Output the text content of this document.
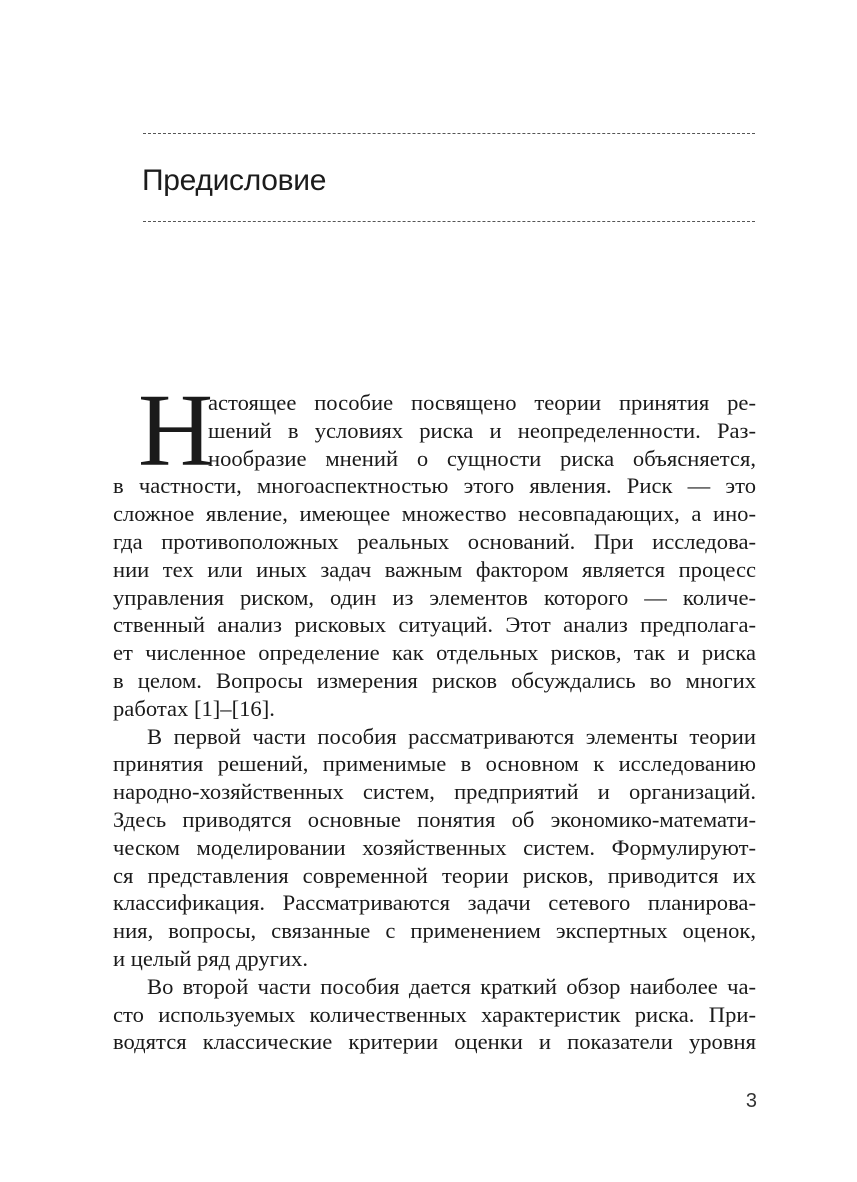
Предисловие

Н
астоящее пособие посвящено теории принятия ре-
шений в условиях риска и неопределенности. Раз-
нообразие мнений о сущности риска объясняется,
в частности, многоаспектностью этого явления. Риск — это
сложное явление, имеющее множество несовпадающих, а ино-
гда противоположных реальных оснований. При исследова-
нии тех или иных задач важным фактором является процесс
управления риском, один из элементов которого — количе-
ственный анализ рисковых ситуаций. Этот анализ предполага-
ет численное определение как отдельных рисков, так и риска
в целом. Вопросы измерения рисков обсуждались во многих
работах [1]–[16].

В первой части пособия рассматриваются элементы теории
принятия решений, применимые в основном к исследованию
народно-хозяйственных систем, предприятий и организаций.
Здесь приводятся основные понятия об экономико-математи-
ческом моделировании хозяйственных систем. Формулируют-
ся представления современной теории рисков, приводится их
классификация. Рассматриваются задачи сетевого планирова-
ния, вопросы, связанные с применением экспертных оценок,
и целый ряд других.

Во второй части пособия дается краткий обзор наиболее ча-
сто используемых количественных характеристик риска. При-
водятся классические критерии оценки и показатели уровня

3
